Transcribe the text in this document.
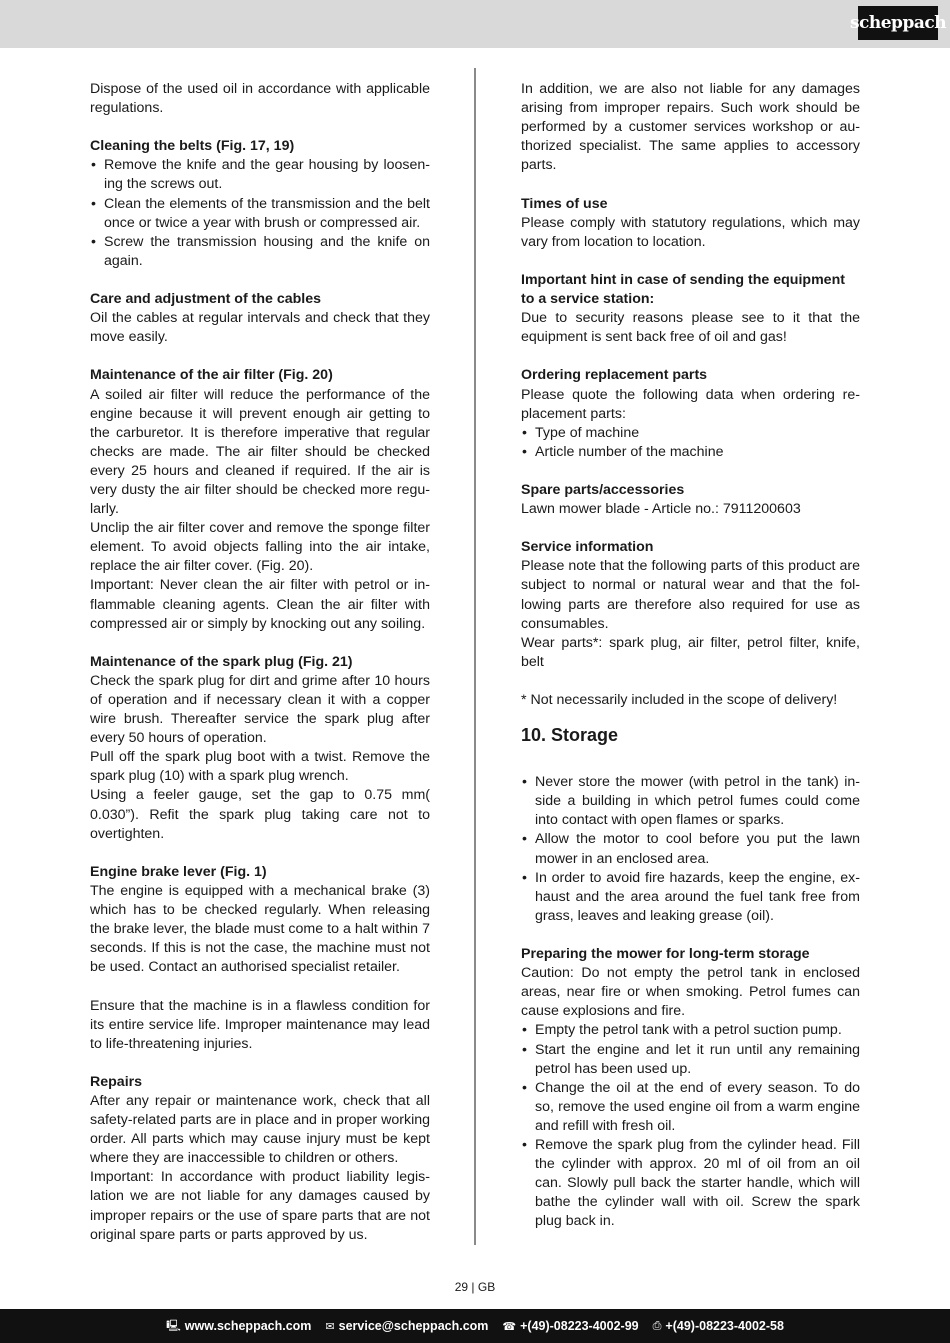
scheppach

Dispose of the used oil in accordance with applicable regulations.

Cleaning the belts (Fig. 17, 19)
• Remove the knife and the gear housing by loosening the screws out.
• Clean the elements of the transmission and the belt once or twice a year with brush or compressed air.
• Screw the transmission housing and the knife on again.
Care and adjustment of the cables

Oil the cables at regular intervals and check that they move easily.

Maintenance of the air filter (Fig. 20)

A soiled air filter will reduce the performance of the engine because it will prevent enough air getting to the carburetor. It is therefore imperative that regular checks are made. The air filter should be checked every 25 hours and cleaned if required. If the air is very dusty the air filter should be checked more regularly.

Unclip the air filter cover and remove the sponge filter element. To avoid objects falling into the air intake, replace the air filter cover. (Fig. 20).

Important: Never clean the air filter with petrol or inflammable cleaning agents. Clean the air filter with compressed air or simply by knocking out any soiling.

Maintenance of the spark plug (Fig. 21)

Check the spark plug for dirt and grime after 10 hours of operation and if necessary clean it with a copper wire brush. Thereafter service the spark plug after every 50 hours of operation.

Pull off the spark plug boot with a twist. Remove the spark plug (10) with a spark plug wrench.

Using a feeler gauge, set the gap to 0.75 mm( 0.030”). Refit the spark plug taking care not to overtighten.

Engine brake lever (Fig. 1)

The engine is equipped with a mechanical brake (3) which has to be checked regularly. When releasing the brake lever, the blade must come to a halt within 7 seconds. If this is not the case, the machine must not be used. Contact an authorised specialist retailer.

Ensure that the machine is in a flawless condition for its entire service life. Improper maintenance may lead to life-threatening injuries.

Repairs

After any repair or maintenance work, check that all safety-related parts are in place and in proper working order. All parts which may cause injury must be kept where they are inaccessible to children or others.

Important: In accordance with product liability legislation we are not liable for any damages caused by improper repairs or the use of spare parts that are not original spare parts or parts approved by us.

In addition, we are also not liable for any damages arising from improper repairs. Such work should be performed by a customer services workshop or authorized specialist. The same applies to accessory parts.

Times of use

Please comply with statutory regulations, which may vary from location to location.

Important hint in case of sending the equipment to a service station:

Due to security reasons please see to it that the equipment is sent back free of oil and gas!

Ordering replacement parts

Please quote the following data when ordering replacement parts:

• Type of machine
• Article number of the machine
Spare parts/accessories

Lawn mower blade - Article no.: 7911200603

Service information

Please note that the following parts of this product are subject to normal or natural wear and that the following parts are therefore also required for use as consumables.

Wear parts*: spark plug, air filter, petrol filter, knife, belt

* Not necessarily included in the scope of delivery!

10. Storage
• Never store the mower (with petrol in the tank) inside a building in which petrol fumes could come into contact with open flames or sparks.
• Allow the motor to cool before you put the lawn mower in an enclosed area.
• In order to avoid fire hazards, keep the engine, exhaust and the area around the fuel tank free from grass, leaves and leaking grease (oil).
Preparing the mower for long-term storage

Caution: Do not empty the petrol tank in enclosed areas, near fire or when smoking. Petrol fumes can cause explosions and fire.

• Empty the petrol tank with a petrol suction pump.
• Start the engine and let it run until any remaining petrol has been used up.
• Change the oil at the end of every season. To do so, remove the used engine oil from a warm engine and refill with fresh oil.
• Remove the spark plug from the cylinder head. Fill the cylinder with approx. 20 ml of oil from an oil can. Slowly pull back the starter handle, which will bathe the cylinder wall with oil. Screw the spark plug back in.
29 | GB
🖳 www.scheppach.com ✉ service@scheppach.com ☎ +(49)-08223-4002-99 ⎙ +(49)-08223-4002-58
